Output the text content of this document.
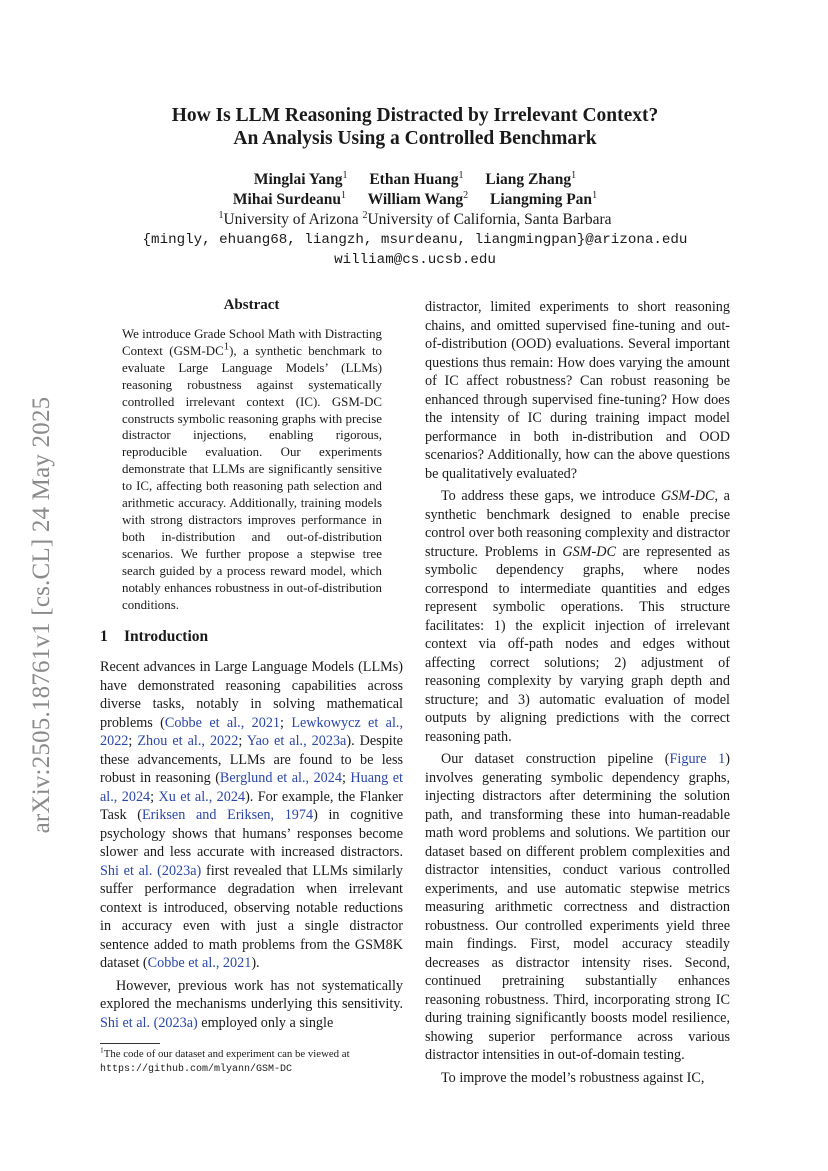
arXiv:2505.18761v1 [cs.CL] 24 May 2025
How Is LLM Reasoning Distracted by Irrelevant Context?
An Analysis Using a Controlled Benchmark
Minglai Yang$^1$ Ethan Huang$^1$ Liang Zhang$^1$
Mihai Surdeanu$^1$ William Wang$^2$ Liangming Pan$^1$
$^1$University of Arizona $^2$University of California, Santa Barbara
{mingly, ehuang68, liangzh, msurdeanu, liangmingpan}@arizona.edu
william@cs.ucsb.edu
Abstract
We introduce Grade School Math with Distracting Context $(GSM-DC^1)$, a synthetic benchmark to evaluate Large Language Models’ (LLMs) reasoning robustness against systematically controlled irrelevant context (IC). GSM-DC constructs symbolic reasoning graphs with precise distractor injections, enabling rigorous, reproducible evaluation. Our experiments demonstrate that LLMs are significantly sensitive to IC, affecting both reasoning path selection and arithmetic accuracy. Additionally, training models with strong distractors improves performance in both in-distribution and out-of-distribution scenarios. We further propose a stepwise tree search guided by a process reward model, which notably enhances robustness in out-of-distribution conditions.
1 Introduction

Recent advances in Large Language Models (LLMs) have demonstrated reasoning capabilities across diverse tasks, notably in solving mathematical problems (Cobbe et al., 2021; Lewkowycz et al., 2022; Zhou et al., 2022; Yao et al., 2023a). Despite these advancements, LLMs are found to be less robust in reasoning (Berglund et al., 2024; Huang et al., 2024; Xu et al., 2024). For example, the Flanker Task (Eriksen and Eriksen, 1974) in cognitive psychology shows that humans’ responses become slower and less accurate with increased distractors. Shi et al. (2023a) first revealed that LLMs similarly suffer performance degradation when irrelevant context is introduced, observing notable reductions in accuracy even with just a single distractor sentence added to math problems from the GSM8K dataset (Cobbe et al., 2021).

However, previous work has not systematically explored the mechanisms underlying this sensitivity. Shi et al. (2023a) employed only a single

distractor, limited experiments to short reasoning chains, and omitted supervised fine-tuning and out-of-distribution (OOD) evaluations. Several important questions thus remain: How does varying the amount of IC affect robustness? Can robust reasoning be enhanced through supervised fine-tuning? How does the intensity of IC during training impact model performance in both in-distribution and OOD scenarios? Additionally, how can the above questions be qualitatively evaluated?

To address these gaps, we introduce GSM-DC, a synthetic benchmark designed to enable precise control over both reasoning complexity and distractor structure. Problems in GSM-DC are represented as symbolic dependency graphs, where nodes correspond to intermediate quantities and edges represent symbolic operations. This structure facilitates: 1) the explicit injection of irrelevant context via off-path nodes and edges without affecting correct solutions; 2) adjustment of reasoning complexity by varying graph depth and structure; and 3) automatic evaluation of model outputs by aligning predictions with the correct reasoning path.

Our dataset construction pipeline (Figure 1) involves generating symbolic dependency graphs, injecting distractors after determining the solution path, and transforming these into human-readable math word problems and solutions. We partition our dataset based on different problem complexities and distractor intensities, conduct various controlled experiments, and use automatic stepwise metrics measuring arithmetic correctness and distraction robustness. Our controlled experiments yield three main findings. First, model accuracy steadily decreases as distractor intensity rises. Second, continued pretraining substantially enhances reasoning robustness. Third, incorporating strong IC during training significantly boosts model resilience, showing superior performance across various distractor intensities in out-of-domain testing.

To improve the model’s robustness against IC,

$^1$The code of our dataset and experiment can be viewed at
https://github.com/mlyann/GSM-DC
